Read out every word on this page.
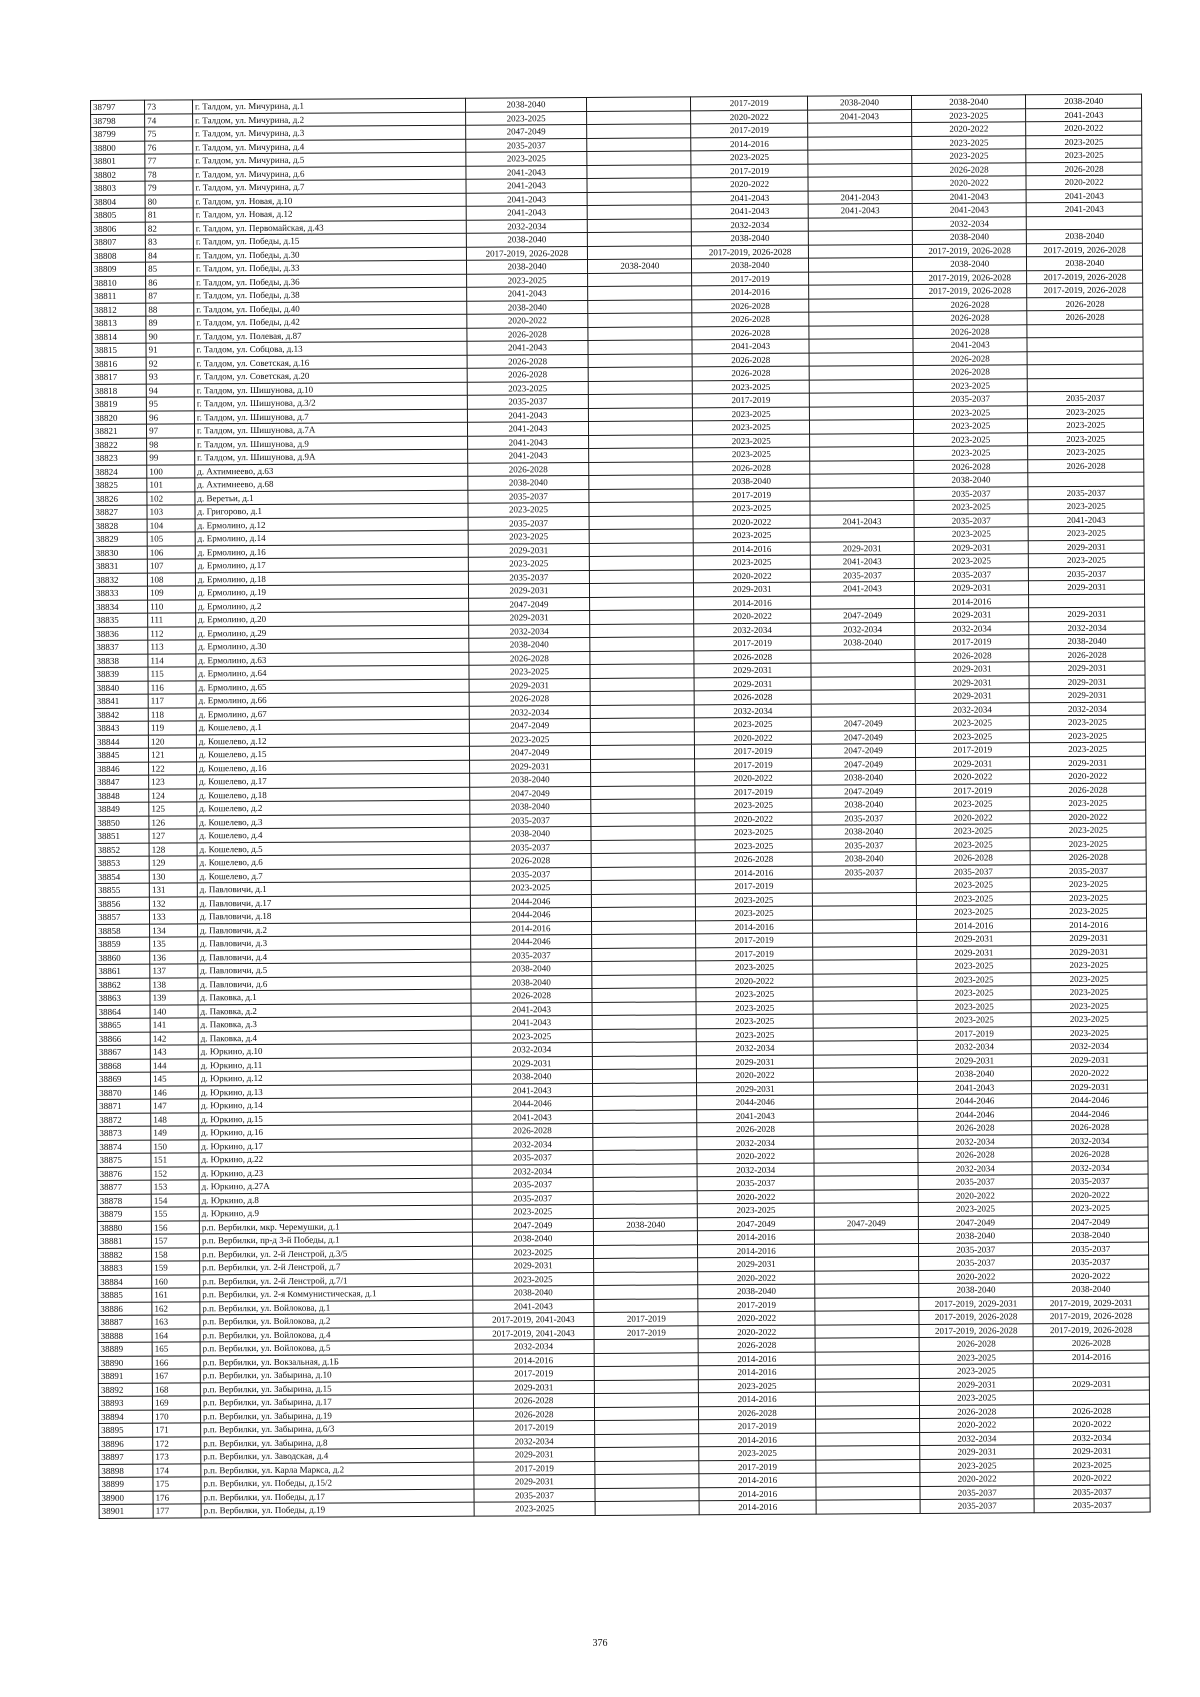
38797	73	г. Талдом, ул. Мичурина, д.1	2038-2040		2017-2019	2038-2040	2038-2040	2038-2040
38798	74	г. Талдом, ул. Мичурина, д.2	2023-2025		2020-2022	2041-2043	2023-2025	2041-2043
38799	75	г. Талдом, ул. Мичурина, д.3	2047-2049		2017-2019		2020-2022	2020-2022
38800	76	г. Талдом, ул. Мичурина, д.4	2035-2037		2014-2016		2023-2025	2023-2025
38801	77	г. Талдом, ул. Мичурина, д.5	2023-2025		2023-2025		2023-2025	2023-2025
38802	78	г. Талдом, ул. Мичурина, д.6	2041-2043		2017-2019		2026-2028	2026-2028
38803	79	г. Талдом, ул. Мичурина, д.7	2041-2043		2020-2022		2020-2022	2020-2022
38804	80	г. Талдом, ул. Новая, д.10	2041-2043		2041-2043	2041-2043	2041-2043	2041-2043
38805	81	г. Талдом, ул. Новая, д.12	2041-2043		2041-2043	2041-2043	2041-2043	2041-2043
38806	82	г. Талдом, ул. Первомайская, д.43	2032-2034		2032-2034		2032-2034	
38807	83	г. Талдом, ул. Победы, д.15	2038-2040		2038-2040		2038-2040	2038-2040
38808	84	г. Талдом, ул. Победы, д.30	2017-2019, 2026-2028		2017-2019, 2026-2028		2017-2019, 2026-2028	2017-2019, 2026-2028
38809	85	г. Талдом, ул. Победы, д.33	2038-2040	2038-2040	2038-2040		2038-2040	2038-2040
38810	86	г. Талдом, ул. Победы, д.36	2023-2025		2017-2019		2017-2019, 2026-2028	2017-2019, 2026-2028
38811	87	г. Талдом, ул. Победы, д.38	2041-2043		2014-2016		2017-2019, 2026-2028	2017-2019, 2026-2028
38812	88	г. Талдом, ул. Победы, д.40	2038-2040		2026-2028		2026-2028	2026-2028
38813	89	г. Талдом, ул. Победы, д.42	2020-2022		2026-2028		2026-2028	2026-2028
38814	90	г. Талдом, ул. Полевая, д.87	2026-2028		2026-2028		2026-2028	
38815	91	г. Талдом, ул. Собцова, д.13	2041-2043		2041-2043		2041-2043	
38816	92	г. Талдом, ул. Советская, д.16	2026-2028		2026-2028		2026-2028	
38817	93	г. Талдом, ул. Советская, д.20	2026-2028		2026-2028		2026-2028	
38818	94	г. Талдом, ул. Шишунова, д.10	2023-2025		2023-2025		2023-2025	
38819	95	г. Талдом, ул. Шишунова, д.3/2	2035-2037		2017-2019		2035-2037	2035-2037
38820	96	г. Талдом, ул. Шишунова, д.7	2041-2043		2023-2025		2023-2025	2023-2025
38821	97	г. Талдом, ул. Шишунова, д.7А	2041-2043		2023-2025		2023-2025	2023-2025
38822	98	г. Талдом, ул. Шишунова, д.9	2041-2043		2023-2025		2023-2025	2023-2025
38823	99	г. Талдом, ул. Шишунова, д.9А	2041-2043		2023-2025		2023-2025	2023-2025
38824	100	д. Ахтимнеево, д.63	2026-2028		2026-2028		2026-2028	2026-2028
38825	101	д. Ахтимнеево, д.68	2038-2040		2038-2040		2038-2040	
38826	102	д. Веретьи, д.1	2035-2037		2017-2019		2035-2037	2035-2037
38827	103	д. Григорово, д.1	2023-2025		2023-2025		2023-2025	2023-2025
38828	104	д. Ермолино, д.12	2035-2037		2020-2022	2041-2043	2035-2037	2041-2043
38829	105	д. Ермолино, д.14	2023-2025		2023-2025		2023-2025	2023-2025
38830	106	д. Ермолино, д.16	2029-2031		2014-2016	2029-2031	2029-2031	2029-2031
38831	107	д. Ермолино, д.17	2023-2025		2023-2025	2041-2043	2023-2025	2023-2025
38832	108	д. Ермолино, д.18	2035-2037		2020-2022	2035-2037	2035-2037	2035-2037
38833	109	д. Ермолино, д.19	2029-2031		2029-2031	2041-2043	2029-2031	2029-2031
38834	110	д. Ермолино, д.2	2047-2049		2014-2016		2014-2016	
38835	111	д. Ермолино, д.20	2029-2031		2020-2022	2047-2049	2029-2031	2029-2031
38836	112	д. Ермолино, д.29	2032-2034		2032-2034	2032-2034	2032-2034	2032-2034
38837	113	д. Ермолино, д.30	2038-2040		2017-2019	2038-2040	2017-2019	2038-2040
38838	114	д. Ермолино, д.63	2026-2028		2026-2028		2026-2028	2026-2028
38839	115	д. Ермолино, д.64	2023-2025		2029-2031		2029-2031	2029-2031
38840	116	д. Ермолино, д.65	2029-2031		2029-2031		2029-2031	2029-2031
38841	117	д. Ермолино, д.66	2026-2028		2026-2028		2029-2031	2029-2031
38842	118	д. Ермолино, д.67	2032-2034		2032-2034		2032-2034	2032-2034
38843	119	д. Кошелево, д.1	2047-2049		2023-2025	2047-2049	2023-2025	2023-2025
38844	120	д. Кошелево, д.12	2023-2025		2020-2022	2047-2049	2023-2025	2023-2025
38845	121	д. Кошелево, д.15	2047-2049		2017-2019	2047-2049	2017-2019	2023-2025
38846	122	д. Кошелево, д.16	2029-2031		2017-2019	2047-2049	2029-2031	2029-2031
38847	123	д. Кошелево, д.17	2038-2040		2020-2022	2038-2040	2020-2022	2020-2022
38848	124	д. Кошелево, д.18	2047-2049		2017-2019	2047-2049	2017-2019	2026-2028
38849	125	д. Кошелево, д.2	2038-2040		2023-2025	2038-2040	2023-2025	2023-2025
38850	126	д. Кошелево, д.3	2035-2037		2020-2022	2035-2037	2020-2022	2020-2022
38851	127	д. Кошелево, д.4	2038-2040		2023-2025	2038-2040	2023-2025	2023-2025
38852	128	д. Кошелево, д.5	2035-2037		2023-2025	2035-2037	2023-2025	2023-2025
38853	129	д. Кошелево, д.6	2026-2028		2026-2028	2038-2040	2026-2028	2026-2028
38854	130	д. Кошелево, д.7	2035-2037		2014-2016	2035-2037	2035-2037	2035-2037
38855	131	д. Павловичи, д.1	2023-2025		2017-2019		2023-2025	2023-2025
38856	132	д. Павловичи, д.17	2044-2046		2023-2025		2023-2025	2023-2025
38857	133	д. Павловичи, д.18	2044-2046		2023-2025		2023-2025	2023-2025
38858	134	д. Павловичи, д.2	2014-2016		2014-2016		2014-2016	2014-2016
38859	135	д. Павловичи, д.3	2044-2046		2017-2019		2029-2031	2029-2031
38860	136	д. Павловичи, д.4	2035-2037		2017-2019		2029-2031	2029-2031
38861	137	д. Павловичи, д.5	2038-2040		2023-2025		2023-2025	2023-2025
38862	138	д. Павловичи, д.6	2038-2040		2020-2022		2023-2025	2023-2025
38863	139	д. Паковка, д.1	2026-2028		2023-2025		2023-2025	2023-2025
38864	140	д. Паковка, д.2	2041-2043		2023-2025		2023-2025	2023-2025
38865	141	д. Паковка, д.3	2041-2043		2023-2025		2023-2025	2023-2025
38866	142	д. Паковка, д.4	2023-2025		2023-2025		2017-2019	2023-2025
38867	143	д. Юркино, д.10	2032-2034		2032-2034		2032-2034	2032-2034
38868	144	д. Юркино, д.11	2029-2031		2029-2031		2029-2031	2029-2031
38869	145	д. Юркино, д.12	2038-2040		2020-2022		2038-2040	2020-2022
38870	146	д. Юркино, д.13	2041-2043		2029-2031		2041-2043	2029-2031
38871	147	д. Юркино, д.14	2044-2046		2044-2046		2044-2046	2044-2046
38872	148	д. Юркино, д.15	2041-2043		2041-2043		2044-2046	2044-2046
38873	149	д. Юркино, д.16	2026-2028		2026-2028		2026-2028	2026-2028
38874	150	д. Юркино, д.17	2032-2034		2032-2034		2032-2034	2032-2034
38875	151	д. Юркино, д.22	2035-2037		2020-2022		2026-2028	2026-2028
38876	152	д. Юркино, д.23	2032-2034		2032-2034		2032-2034	2032-2034
38877	153	д. Юркино, д.27А	2035-2037		2035-2037		2035-2037	2035-2037
38878	154	д. Юркино, д.8	2035-2037		2020-2022		2020-2022	2020-2022
38879	155	д. Юркино, д.9	2023-2025		2023-2025		2023-2025	2023-2025
38880	156	р.п. Вербилки, мкр. Черемушки, д.1	2047-2049	2038-2040	2047-2049	2047-2049	2047-2049	2047-2049
38881	157	р.п. Вербилки, пр-д 3-й Победы, д.1	2038-2040		2014-2016		2038-2040	2038-2040
38882	158	р.п. Вербилки, ул. 2-й Ленстрой, д.3/5	2023-2025		2014-2016		2035-2037	2035-2037
38883	159	р.п. Вербилки, ул. 2-й Ленстрой, д.7	2029-2031		2029-2031		2035-2037	2035-2037
38884	160	р.п. Вербилки, ул. 2-й Ленстрой, д.7/1	2023-2025		2020-2022		2020-2022	2020-2022
38885	161	р.п. Вербилки, ул. 2-я Коммунистическая, д.1	2038-2040		2038-2040		2038-2040	2038-2040
38886	162	р.п. Вербилки, ул. Войлокова, д.1	2041-2043		2017-2019		2017-2019, 2029-2031	2017-2019, 2029-2031
38887	163	р.п. Вербилки, ул. Войлокова, д.2	2017-2019, 2041-2043	2017-2019	2020-2022		2017-2019, 2026-2028	2017-2019, 2026-2028
38888	164	р.п. Вербилки, ул. Войлокова, д.4	2017-2019, 2041-2043	2017-2019	2020-2022		2017-2019, 2026-2028	2017-2019, 2026-2028
38889	165	р.п. Вербилки, ул. Войлокова, д.5	2032-2034		2026-2028		2026-2028	2026-2028
38890	166	р.п. Вербилки, ул. Вокзальная, д.1Б	2014-2016		2014-2016		2023-2025	2014-2016
38891	167	р.п. Вербилки, ул. Забырина, д.10	2017-2019		2014-2016		2023-2025	
38892	168	р.п. Вербилки, ул. Забырина, д.15	2029-2031		2023-2025		2029-2031	2029-2031
38893	169	р.п. Вербилки, ул. Забырина, д.17	2026-2028		2014-2016		2023-2025	
38894	170	р.п. Вербилки, ул. Забырина, д.19	2026-2028		2026-2028		2026-2028	2026-2028
38895	171	р.п. Вербилки, ул. Забырина, д.6/3	2017-2019		2017-2019		2020-2022	2020-2022
38896	172	р.п. Вербилки, ул. Забырина, д.8	2032-2034		2014-2016		2032-2034	2032-2034
38897	173	р.п. Вербилки, ул. Заводская, д.4	2029-2031		2023-2025		2029-2031	2029-2031
38898	174	р.п. Вербилки, ул. Карла Маркса, д.2	2017-2019		2017-2019		2023-2025	2023-2025
38899	175	р.п. Вербилки, ул. Победы, д.15/2	2029-2031		2014-2016		2020-2022	2020-2022
38900	176	р.п. Вербилки, ул. Победы, д.17	2035-2037		2014-2016		2035-2037	2035-2037
38901	177	р.п. Вербилки, ул. Победы, д.19	2023-2025		2014-2016		2035-2037	2035-2037
376
